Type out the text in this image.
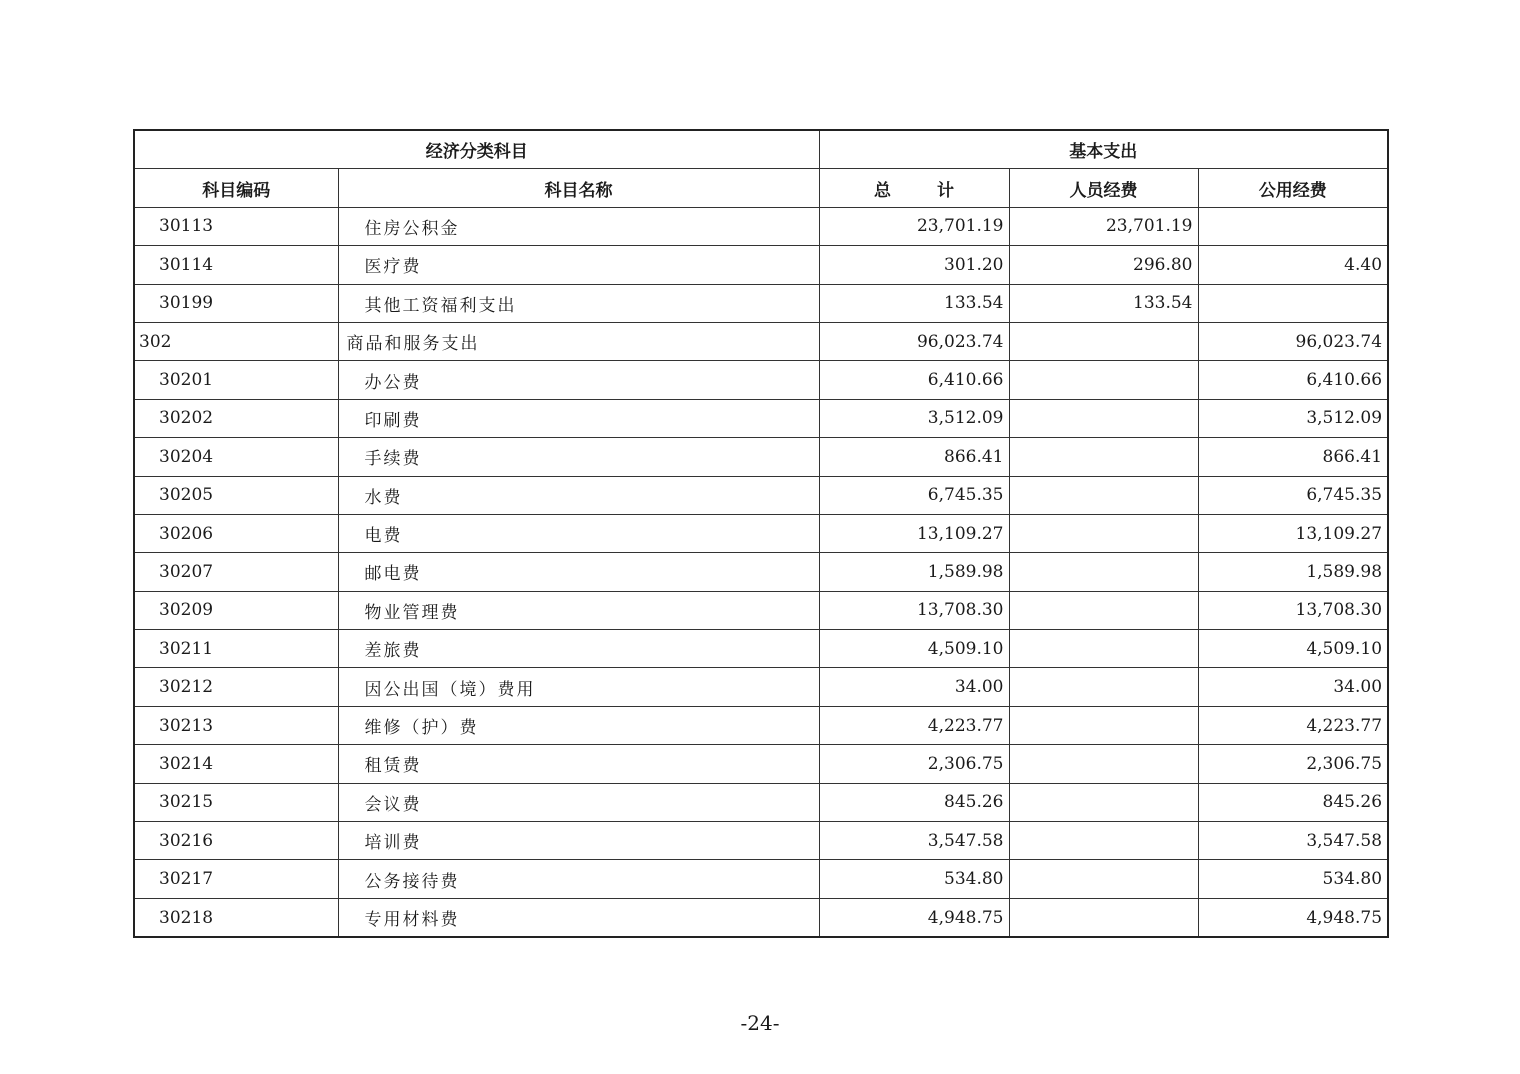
经济分类科目		基本支出		
科目编码	科目名称	总 计	人员经费	公用经费
30113	住房公积金	23,701.19	23,701.19	
30114	医疗费	301.20	296.80	4.40
30199	其他工资福利支出	133.54	133.54	
302	商品和服务支出	96,023.74		96,023.74
30201	办公费	6,410.66		6,410.66
30202	印刷费	3,512.09		3,512.09
30204	手续费	866.41		866.41
30205	水费	6,745.35		6,745.35
30206	电费	13,109.27		13,109.27
30207	邮电费	1,589.98		1,589.98
30209	物业管理费	13,708.30		13,708.30
30211	差旅费	4,509.10		4,509.10
30212	因公出国（境）费用	34.00		34.00
30213	维修（护）费	4,223.77		4,223.77
30214	租赁费	2,306.75		2,306.75
30215	会议费	845.26		845.26
30216	培训费	3,547.58		3,547.58
30217	公务接待费	534.80		534.80
30218	专用材料费	4,948.75		4,948.75
-24-
